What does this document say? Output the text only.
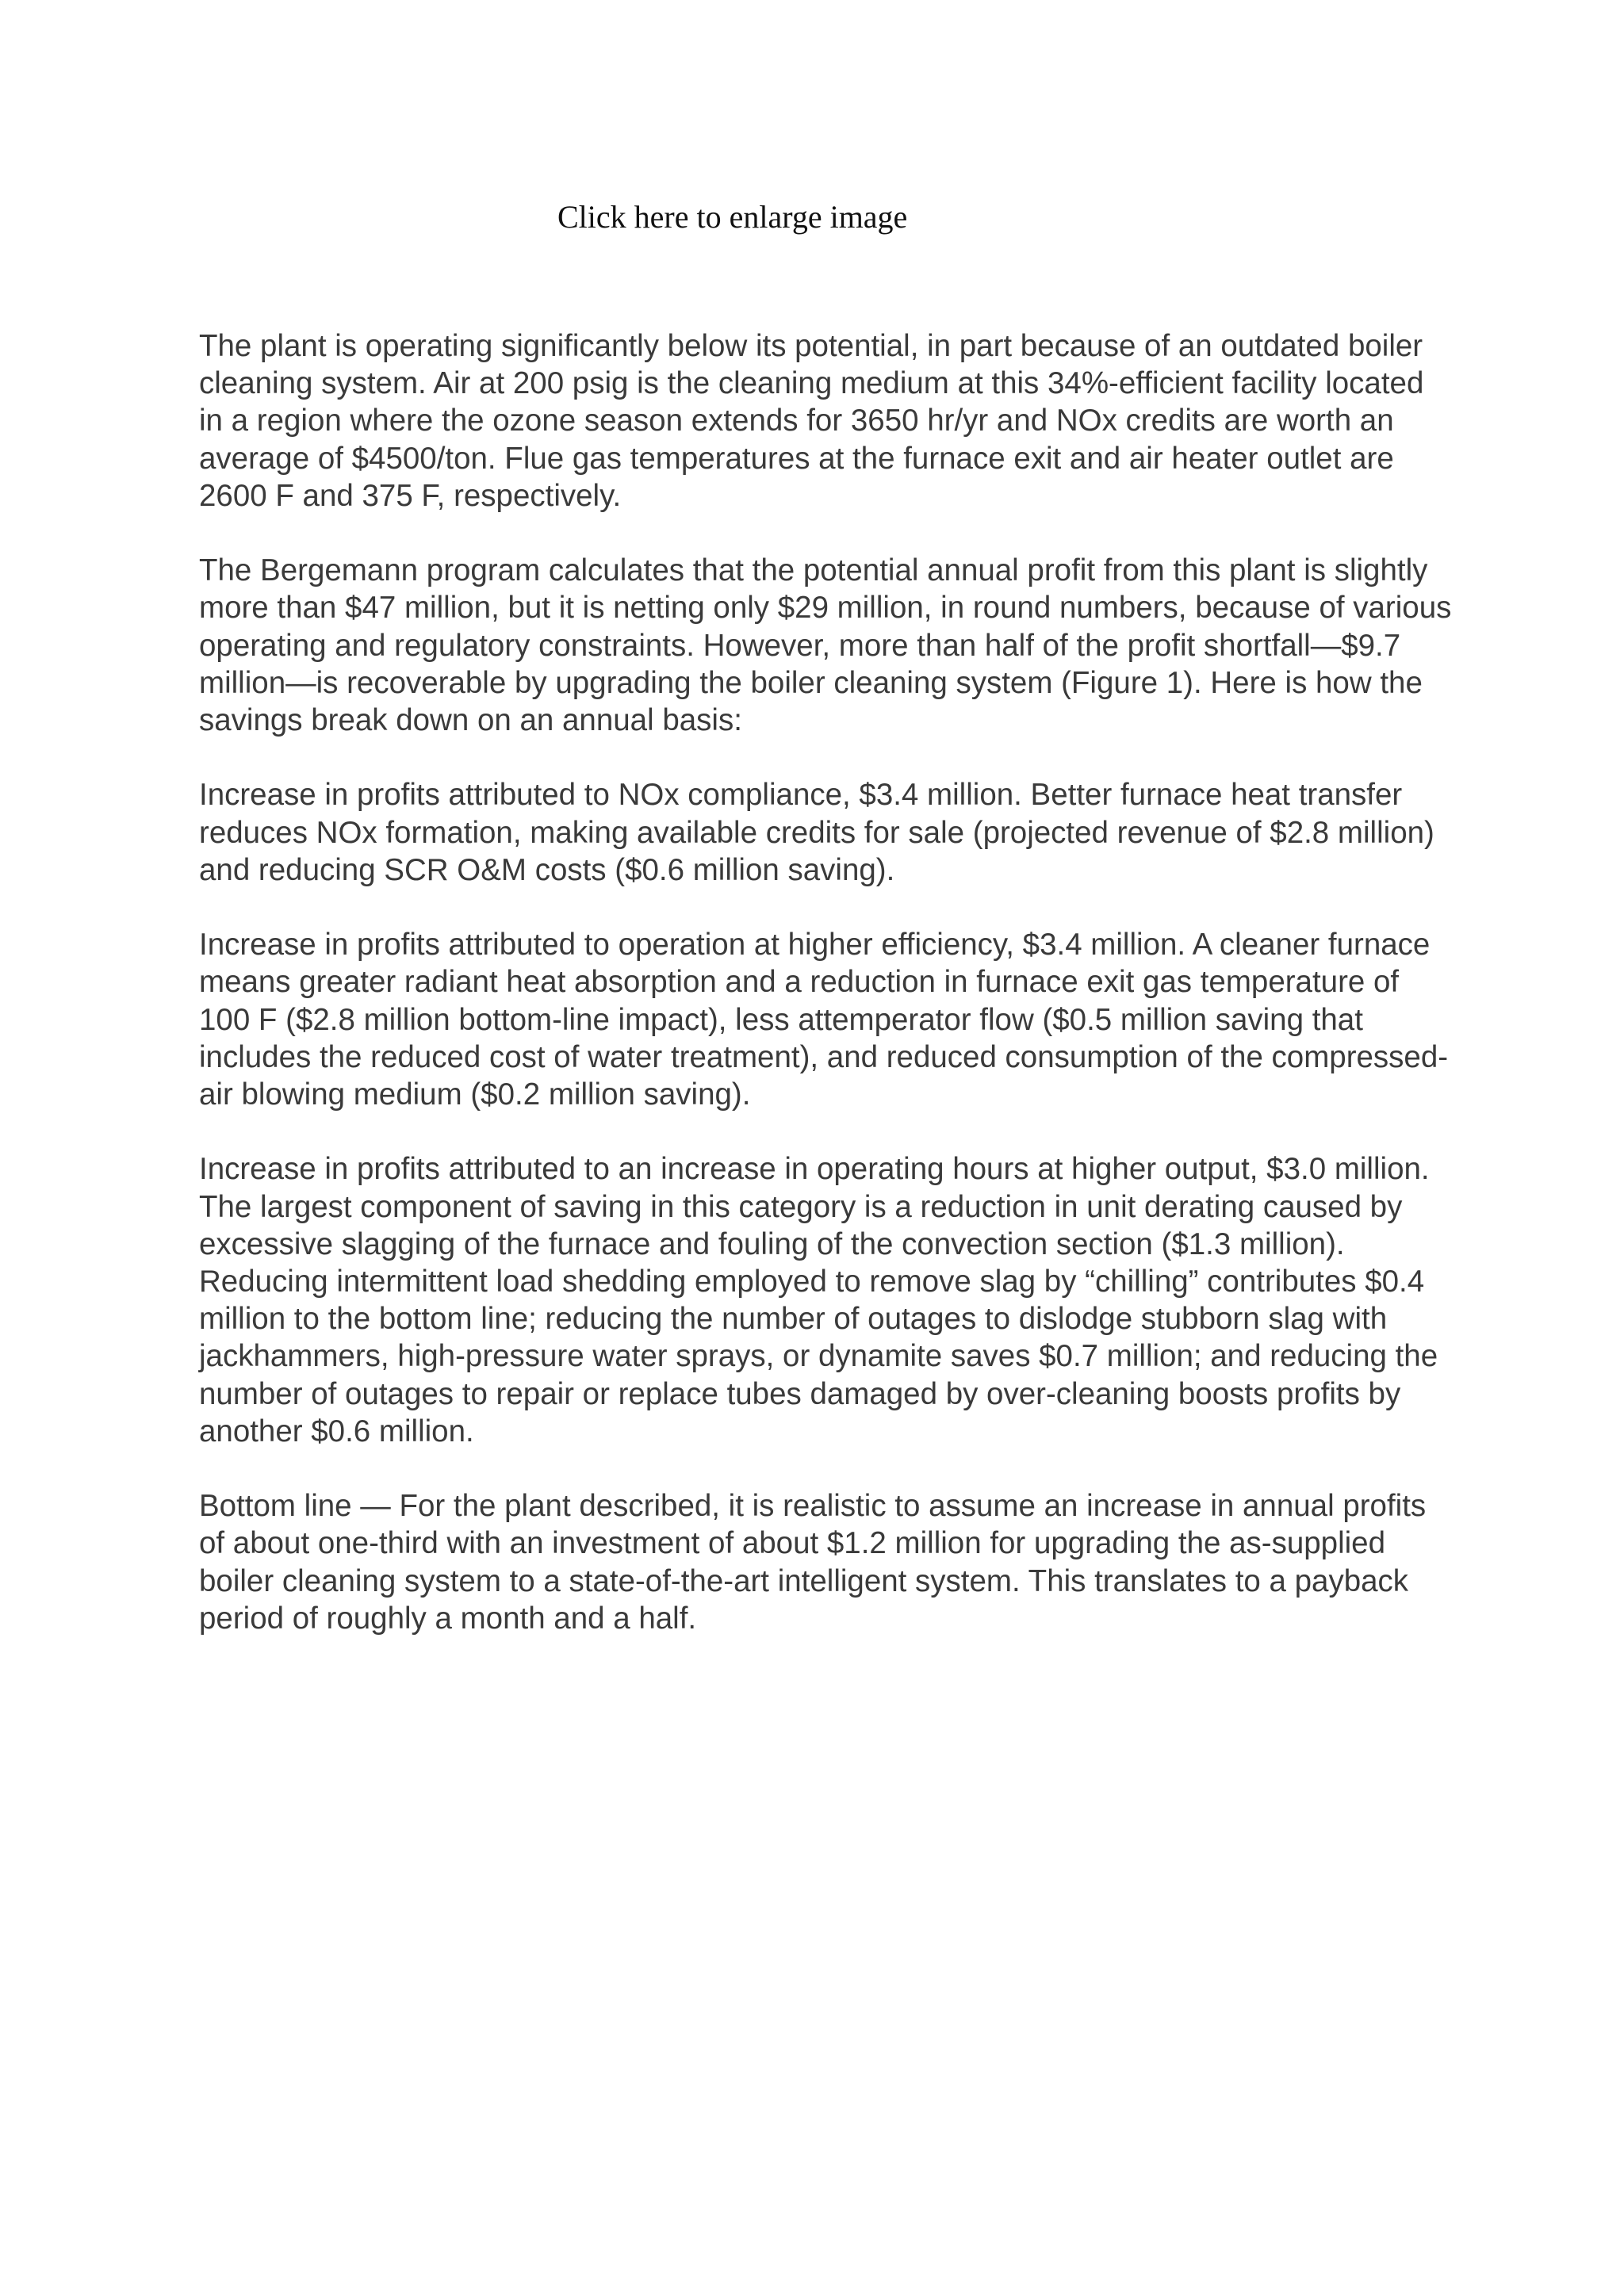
Click here to enlarge image

The plant is operating significantly below its potential, in part because of an outdated boiler cleaning system. Air at 200 psig is the cleaning medium at this 34%-efficient facility located in a region where the ozone season extends for 3650 hr/yr and NOx credits are worth an average of $4500/ton. Flue gas temperatures at the furnace exit and air heater outlet are 2600 F and 375 F, respectively.

The Bergemann program calculates that the potential annual profit from this plant is slightly more than $47 million, but it is netting only $29 million, in round numbers, because of various operating and regulatory constraints. However, more than half of the profit shortfall—$9.7 million—is recoverable by upgrading the boiler cleaning system (Figure 1). Here is how the savings break down on an annual basis:

Increase in profits attributed to NOx compliance, $3.4 million. Better furnace heat transfer reduces NOx formation, making available credits for sale (projected revenue of $2.8 million) and reducing SCR O&M costs ($0.6 million saving).

Increase in profits attributed to operation at higher efficiency, $3.4 million. A cleaner furnace means greater radiant heat absorption and a reduction in furnace exit gas temperature of 100 F ($2.8 million bottom-line impact), less attemperator flow ($0.5 million saving that includes the reduced cost of water treatment), and reduced consumption of the compressed-air blowing medium ($0.2 million saving).

Increase in profits attributed to an increase in operating hours at higher output, $3.0 million. The largest component of saving in this category is a reduction in unit derating caused by excessive slagging of the furnace and fouling of the convection section ($1.3 million). Reducing intermittent load shedding employed to remove slag by “chilling” contributes $0.4 million to the bottom line; reducing the number of outages to dislodge stubborn slag with jackhammers, high-pressure water sprays, or dynamite saves $0.7 million; and reducing the number of outages to repair or replace tubes damaged by over-cleaning boosts profits by another $0.6 million.

Bottom line — For the plant described, it is realistic to assume an increase in annual profits of about one-third with an investment of about $1.2 million for upgrading the as-supplied boiler cleaning system to a state-of-the-art intelligent system. This translates to a payback period of roughly a month and a half.
